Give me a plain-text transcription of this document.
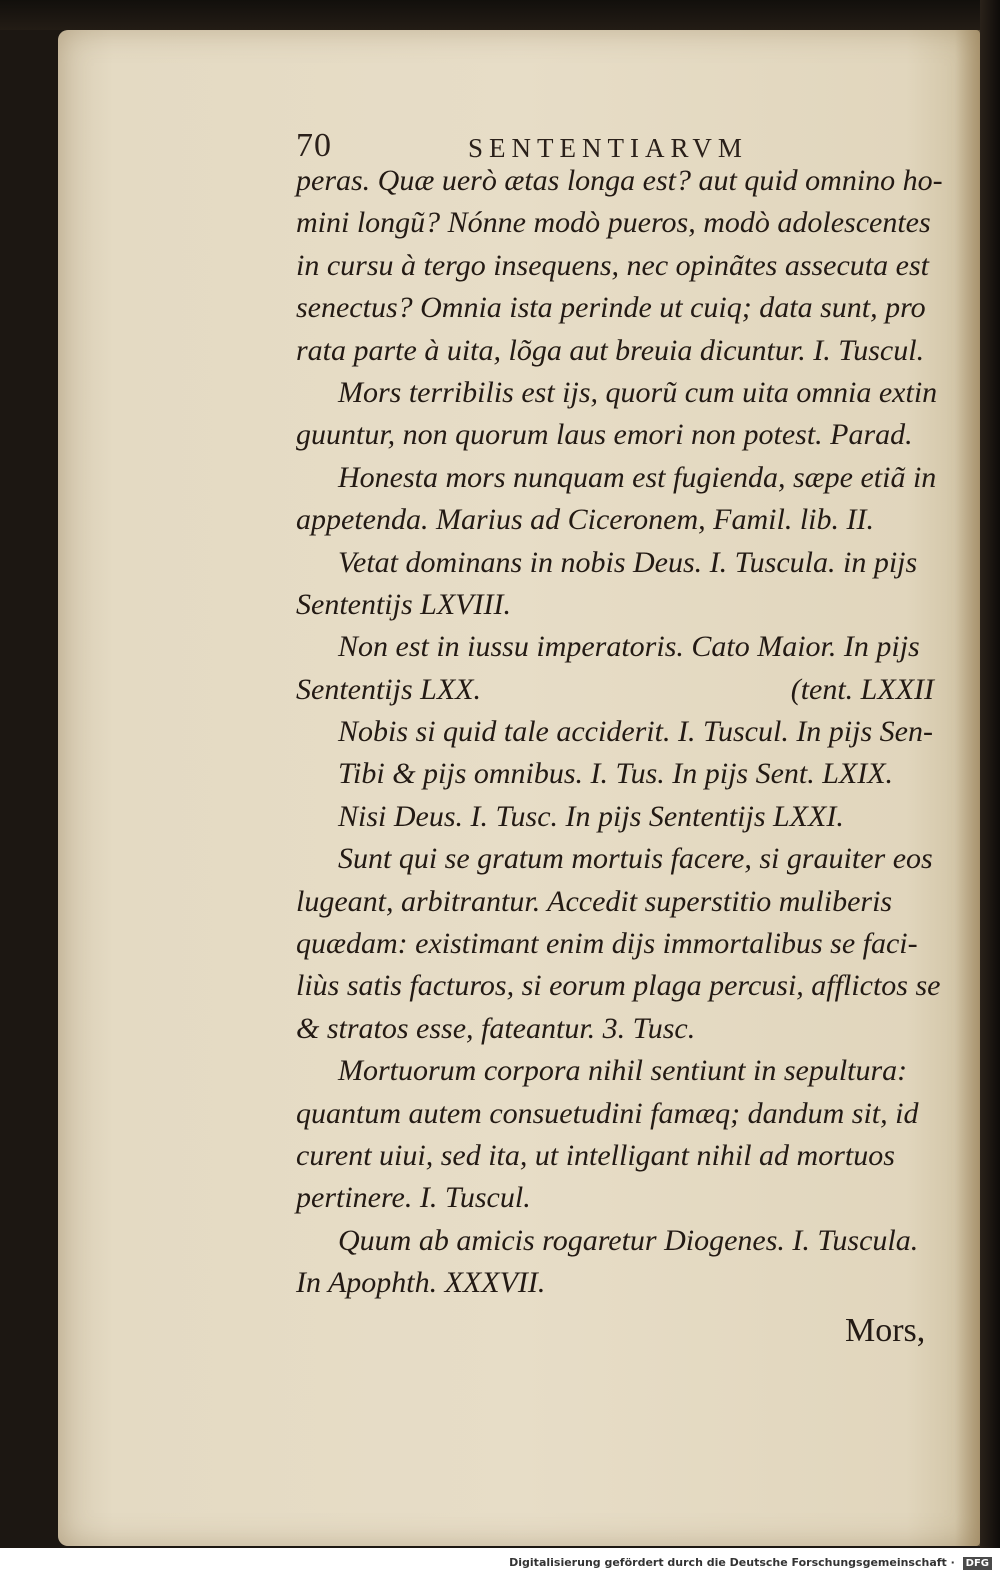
70	SENTENTIARVM
peras. Quæ uerò ætas longa est? aut quid omnino ho-
mini longũ? Nónne modò pueros, modò adolescentes
in cursu à tergo insequens, nec opinãtes assecuta est
senectus? Omnia ista perinde ut cuiq; data sunt, pro
rata parte à uita, lõga aut breuia dicuntur. I. Tuscul.
Mors terribilis est ijs, quorũ cum uita omnia extin
guuntur, non quorum laus emori non potest. Parad.
Honesta mors nunquam est fugienda, sæpe etiã in
appetenda. Marius ad Ciceronem, Famil. lib. II.
Vetat dominans in nobis Deus. I. Tuscula. in pijs
Sententijs LXVIII.
Non est in iussu imperatoris. Cato Maior. In pijs
Sententijs LXX.	(tent. LXXII
Nobis si quid tale acciderit. I. Tuscul. In pijs Sen-
Tibi & pijs omnibus. I. Tus. In pijs Sent. LXIX.
Nisi Deus. I. Tusc. In pijs Sententijs LXXI.
Sunt qui se gratum mortuis facere, si grauiter eos
lugeant, arbitrantur. Accedit superstitio muliberis
quædam: existimant enim dijs immortalibus se faci-
liùs satis facturos, si eorum plaga percusi, afflictos se
& stratos esse, fateantur. 3. Tusc.
Mortuorum corpora nihil sentiunt in sepultura:
quantum autem consuetudini famæq; dandum sit, id
curent uiui, sed ita, ut intelligant nihil ad mortuos
pertinere. I. Tuscul.
Quum ab amicis rogaretur Diogenes. I. Tuscula.
In Apophth. XXXVII.
Mors,
Digitalisierung gefördert durch die Deutsche Forschungsgemeinschaft · DFG
